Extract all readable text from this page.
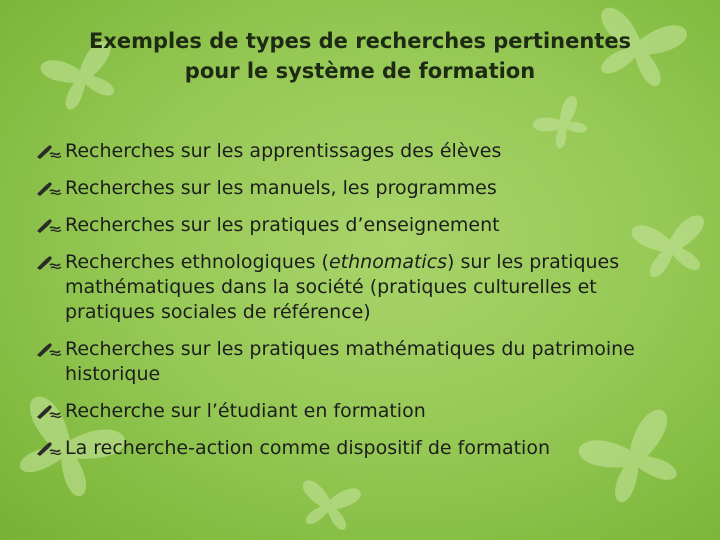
Exemples de types de recherches pertinentes
pour le système de formation
Recherches sur les apprentissages des élèves
Recherches sur les manuels, les programmes
Recherches sur les pratiques d’enseignement
Recherches ethnologiques (ethnomatics) sur les pratiques mathématiques dans la société (pratiques culturelles et pratiques sociales de référence)
Recherches sur les pratiques mathématiques du patrimoine historique
Recherche sur l’étudiant en formation
La recherche-action comme dispositif de formation
